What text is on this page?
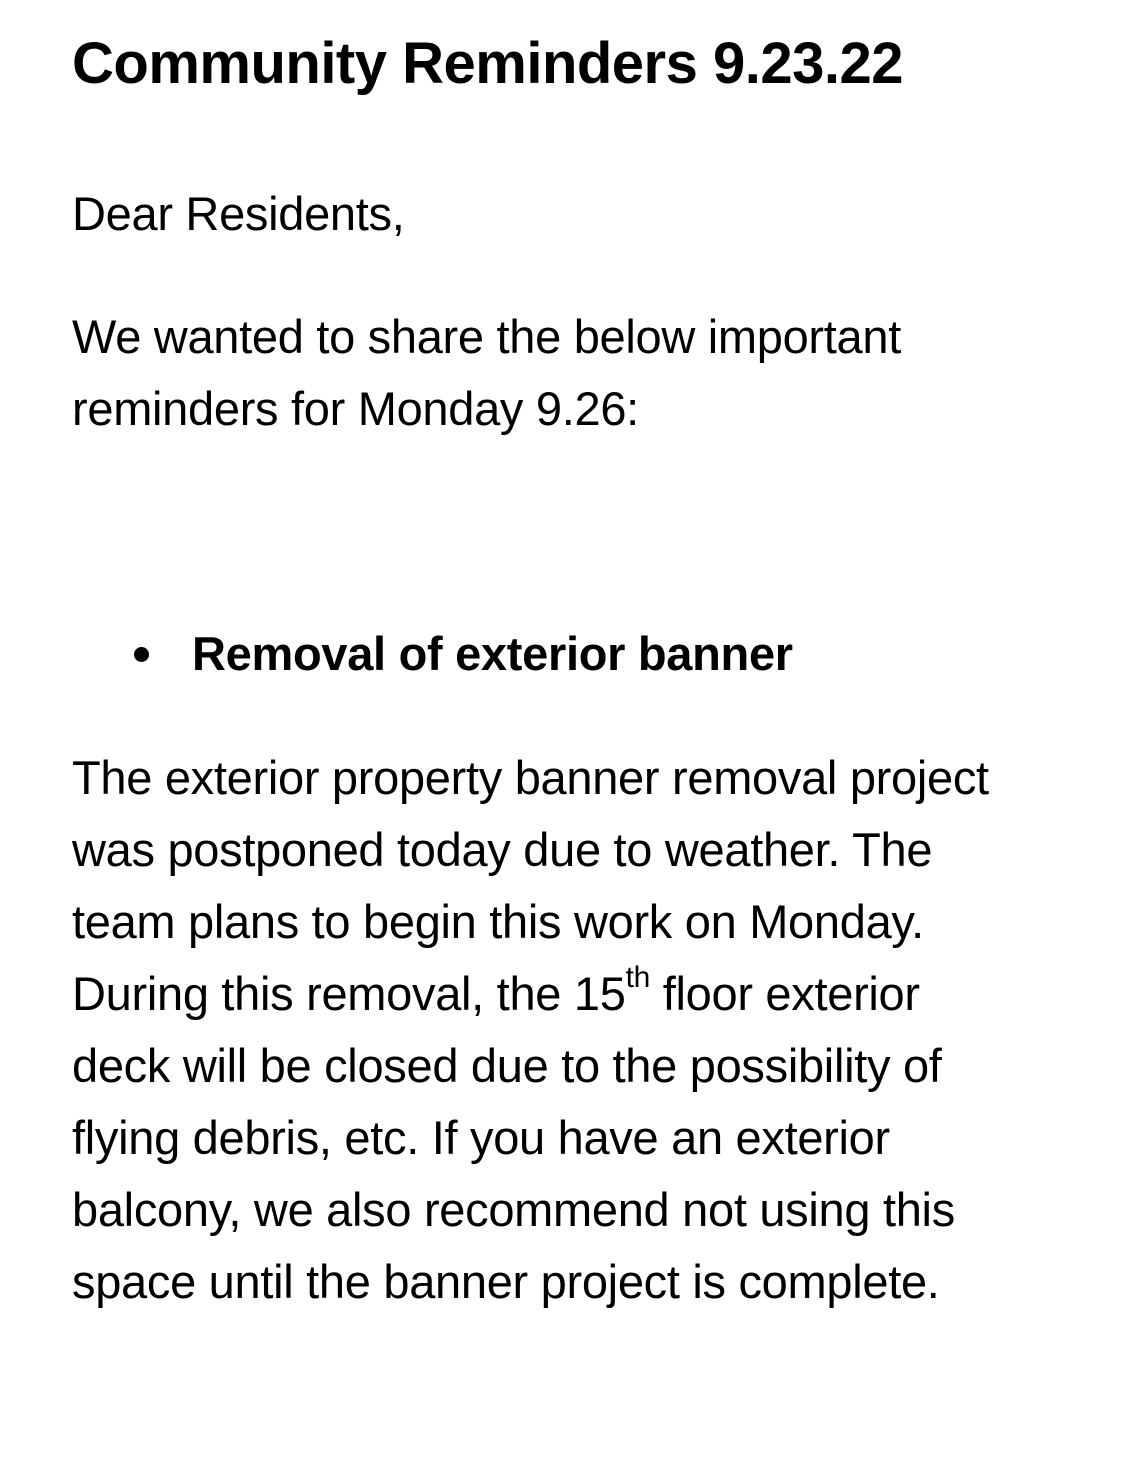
Community Reminders 9.23.22

Dear Residents,

We wanted to share the below important
reminders for Monday 9.26:

Removal of exterior banner

The exterior property banner removal project
was postponed today due to weather. The
team plans to begin this work on Monday.
During this removal, the 15th floor exterior
deck will be closed due to the possibility of
flying debris, etc. If you have an exterior
balcony, we also recommend not using this
space until the banner project is complete.
